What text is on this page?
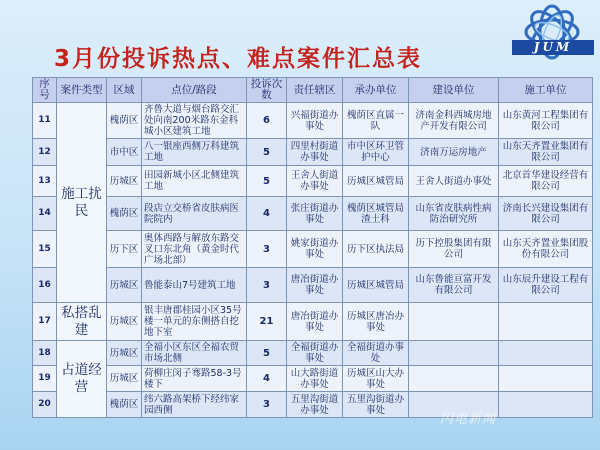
3月份投诉热点、难点案件汇总表	JUM
序号	案件类型	区域	点位/路段	投诉次数	责任辖区	承办单位	建设单位	施工单位
11	施工扰民	槐荫区	齐鲁大道与烟台路交汇处向南200米路东金科城小区建筑工地	6	兴福街道办事处	槐荫区直属一队	济南金科西城房地产开发有限公司	山东黄河工程集团有限公司
12		市中区	八一银座西侧万科建筑工地	5	四里村街道办事处	市中区环卫管护中心	济南万运房地产	山东天齐置业集团有限公司
13		历城区	田园新城小区北侧建筑工地	5	王舍人街道办事处	历城区城管局	王舍人街道办事处	北京首华建设经营有限公司
14		槐荫区	段店立交桥省皮肤病医院院内	4	张庄街道办事处	槐荫区城管局渣土科	山东省皮肤病性病防治研究所	济南长兴建设集团有限公司
15		历下区	奥体西路与解放东路交叉口东北角（黄金时代广场北部）	3	姚家街道办事处	历下区执法局	历下控股集团有限公司	山东天齐置业集团股份有限公司
16		历城区	鲁能泰山7号建筑工地	3	唐冶街道办事处	历城区城管局	山东鲁能亘富开发有限公司	山东辰升建设工程有限公司
17	私搭乱建	历城区	银丰唐郡桂园小区35号楼一单元的东侧搭自挖地下室	21	唐冶街道办事处	历城区唐冶办事处		
18	占道经营	历城区	全福小区东区全福农贸市场北侧	5	全福街道办事处	全福街道办事处		
19		历城区	荷柳庄闵子骞路58-3号楼下	4	山大路街道办事处	历城区山大办事处		
20		槐荫区	纬六路高架桥下经纬家园西侧	3	五里沟街道办事处	五里沟街道办事处		
闪电新闻
